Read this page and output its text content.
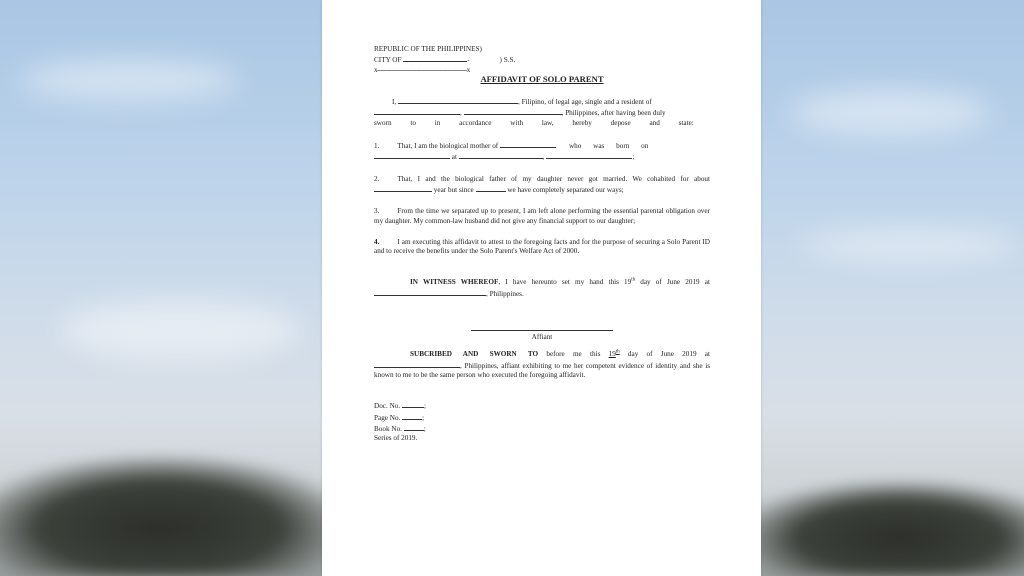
REPUBLIC OF THE PHILIPPINES)

CITY OF	-	) S.S.

x--------------------------------------------------x

AFFIDAVIT OF SOLO PARENT

I,	, Filipino, of legal age, single and a resident of

,	, Philippines, after having been duly

sworn to in accordance with law, hereby depose and state:

1.	That, I am the biological mother of	who was born on

at	,	;

2.	That, I and the biological father of my daughter never got married. We cohabited for about  year but since	we have completely separated our ways;

3.	From the time we separated up to present, I am left alone performing the essential parental obligation over my daughter. My common-law husband did not give any financial support to our daughter;

4.	I am executing this affidavit to attest to the foregoing facts and for the purpose of securing a Solo Parent ID and to receive the benefits under the Solo Parent's Welfare Act of 2000.

IN WITNESS WHEREOF, I have hereunto set my hand this 19th day of June 2019 at , Philippines.

Affiant

SUBCRIBED AND SWORN TO before me this 19th day of June 2019 at , Philippines, affiant exhibiting to me her competent evidence of identity and she is known to me to be the same person who executed the foregoing affidavit.

Doc. No.	;

Page No.	;

Book No.	;

Series of 2019.
